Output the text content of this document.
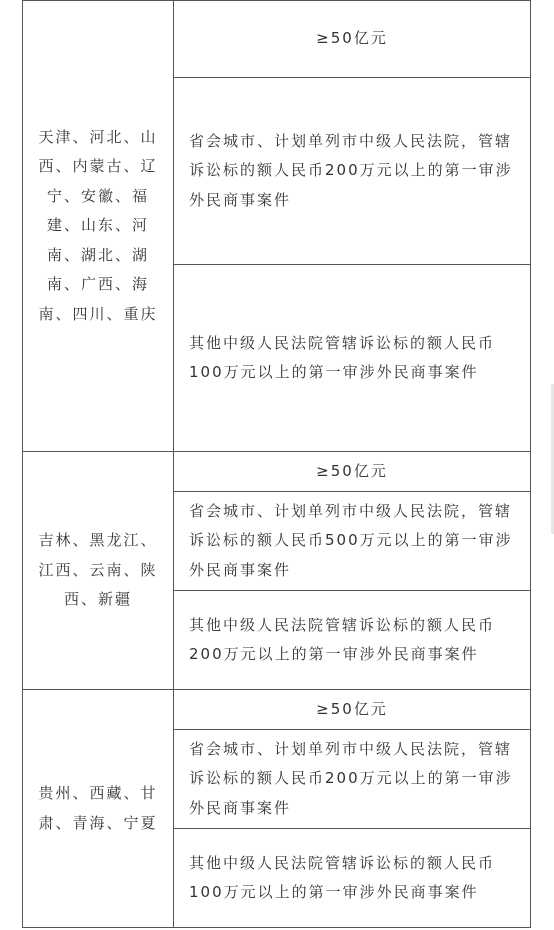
天津、河北、山西、内蒙古、辽宁、安徽、福建、山东、河南、湖北、湖南、广西、海南、四川、重庆	≥50亿元
	省会城市、计划单列市中级人民法院，管辖诉讼标的额人民币200万元以上的第一审涉外民商事案件
	其他中级人民法院管辖诉讼标的额人民币100万元以上的第一审涉外民商事案件

吉林、黑龙江、江西、云南、陕西、新疆	≥50亿元
	省会城市、计划单列市中级人民法院，管辖诉讼标的额人民币500万元以上的第一审涉外民商事案件
	其他中级人民法院管辖诉讼标的额人民币200万元以上的第一审涉外民商事案件

贵州、西藏、甘肃、青海、宁夏	≥50亿元
	省会城市、计划单列市中级人民法院，管辖诉讼标的额人民币200万元以上的第一审涉外民商事案件
	其他中级人民法院管辖诉讼标的额人民币100万元以上的第一审涉外民商事案件
